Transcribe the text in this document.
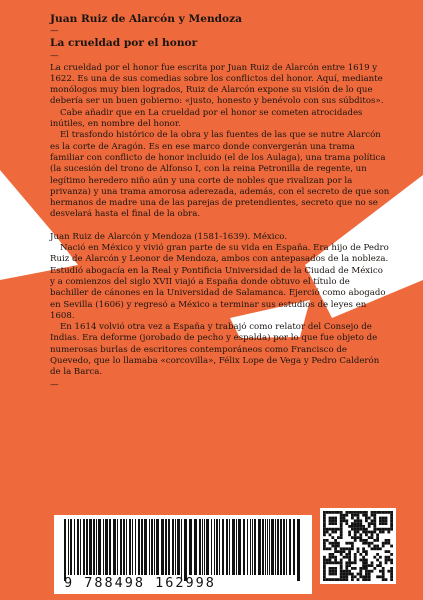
Juan Ruiz de Alarcón y Mendoza

—

La crueldad por el honor

—

La crueldad por el honor fue escrita por Juan Ruiz de Alarcón entre 1619 y 1622. Es una de sus comedias sobre los conflictos del honor. Aquí, mediante monólogos muy bien logrados, Ruiz de Alarcón expone su visión de lo que debería ser un buen gobierno: «justo, honesto y benévolo con sus súbditos».

Cabe añadir que en La crueldad por el honor se cometen atrocidades inútiles, en nombre del honor.

El trasfondo histórico de la obra y las fuentes de las que se nutre Alarcón es la corte de Aragón. Es en ese marco donde convergerán una trama familiar con conflicto de honor incluido (el de los Aulaga), una trama política (la sucesión del trono de Alfonso I, con la reina Petronilla de regente, un legítimo heredero niño aún y una corte de nobles que rivalizan por la privanza) y una trama amorosa aderezada, además, con el secreto de que son hermanos de madre una de las parejas de pretendientes, secreto que no se desvelará hasta el final de la obra.

Juan Ruiz de Alarcón y Mendoza (1581-1639). México.

Nació en México y vivió gran parte de su vida en España. Era hijo de Pedro Ruiz de Alarcón y Leonor de Mendoza, ambos con antepasados de la nobleza. Estudió abogacía en la Real y Pontificia Universidad de la Ciudad de México y a comienzos del siglo XVII viajó a España donde obtuvo el título de bachiller de cánones en la Universidad de Salamanca. Ejerció como abogado en Sevilla (1606) y regresó a México a terminar sus estudios de leyes en 1608.

En 1614 volvió otra vez a España y trabajó como relator del Consejo de Indias. Era deforme (jorobado de pecho y espalda) por lo que fue objeto de numerosas burlas de escritores contemporáneos como Francisco de Quevedo, que lo llamaba «corcovilla», Félix Lope de Vega y Pedro Calderón de la Barca.

—

9 788498 162998
